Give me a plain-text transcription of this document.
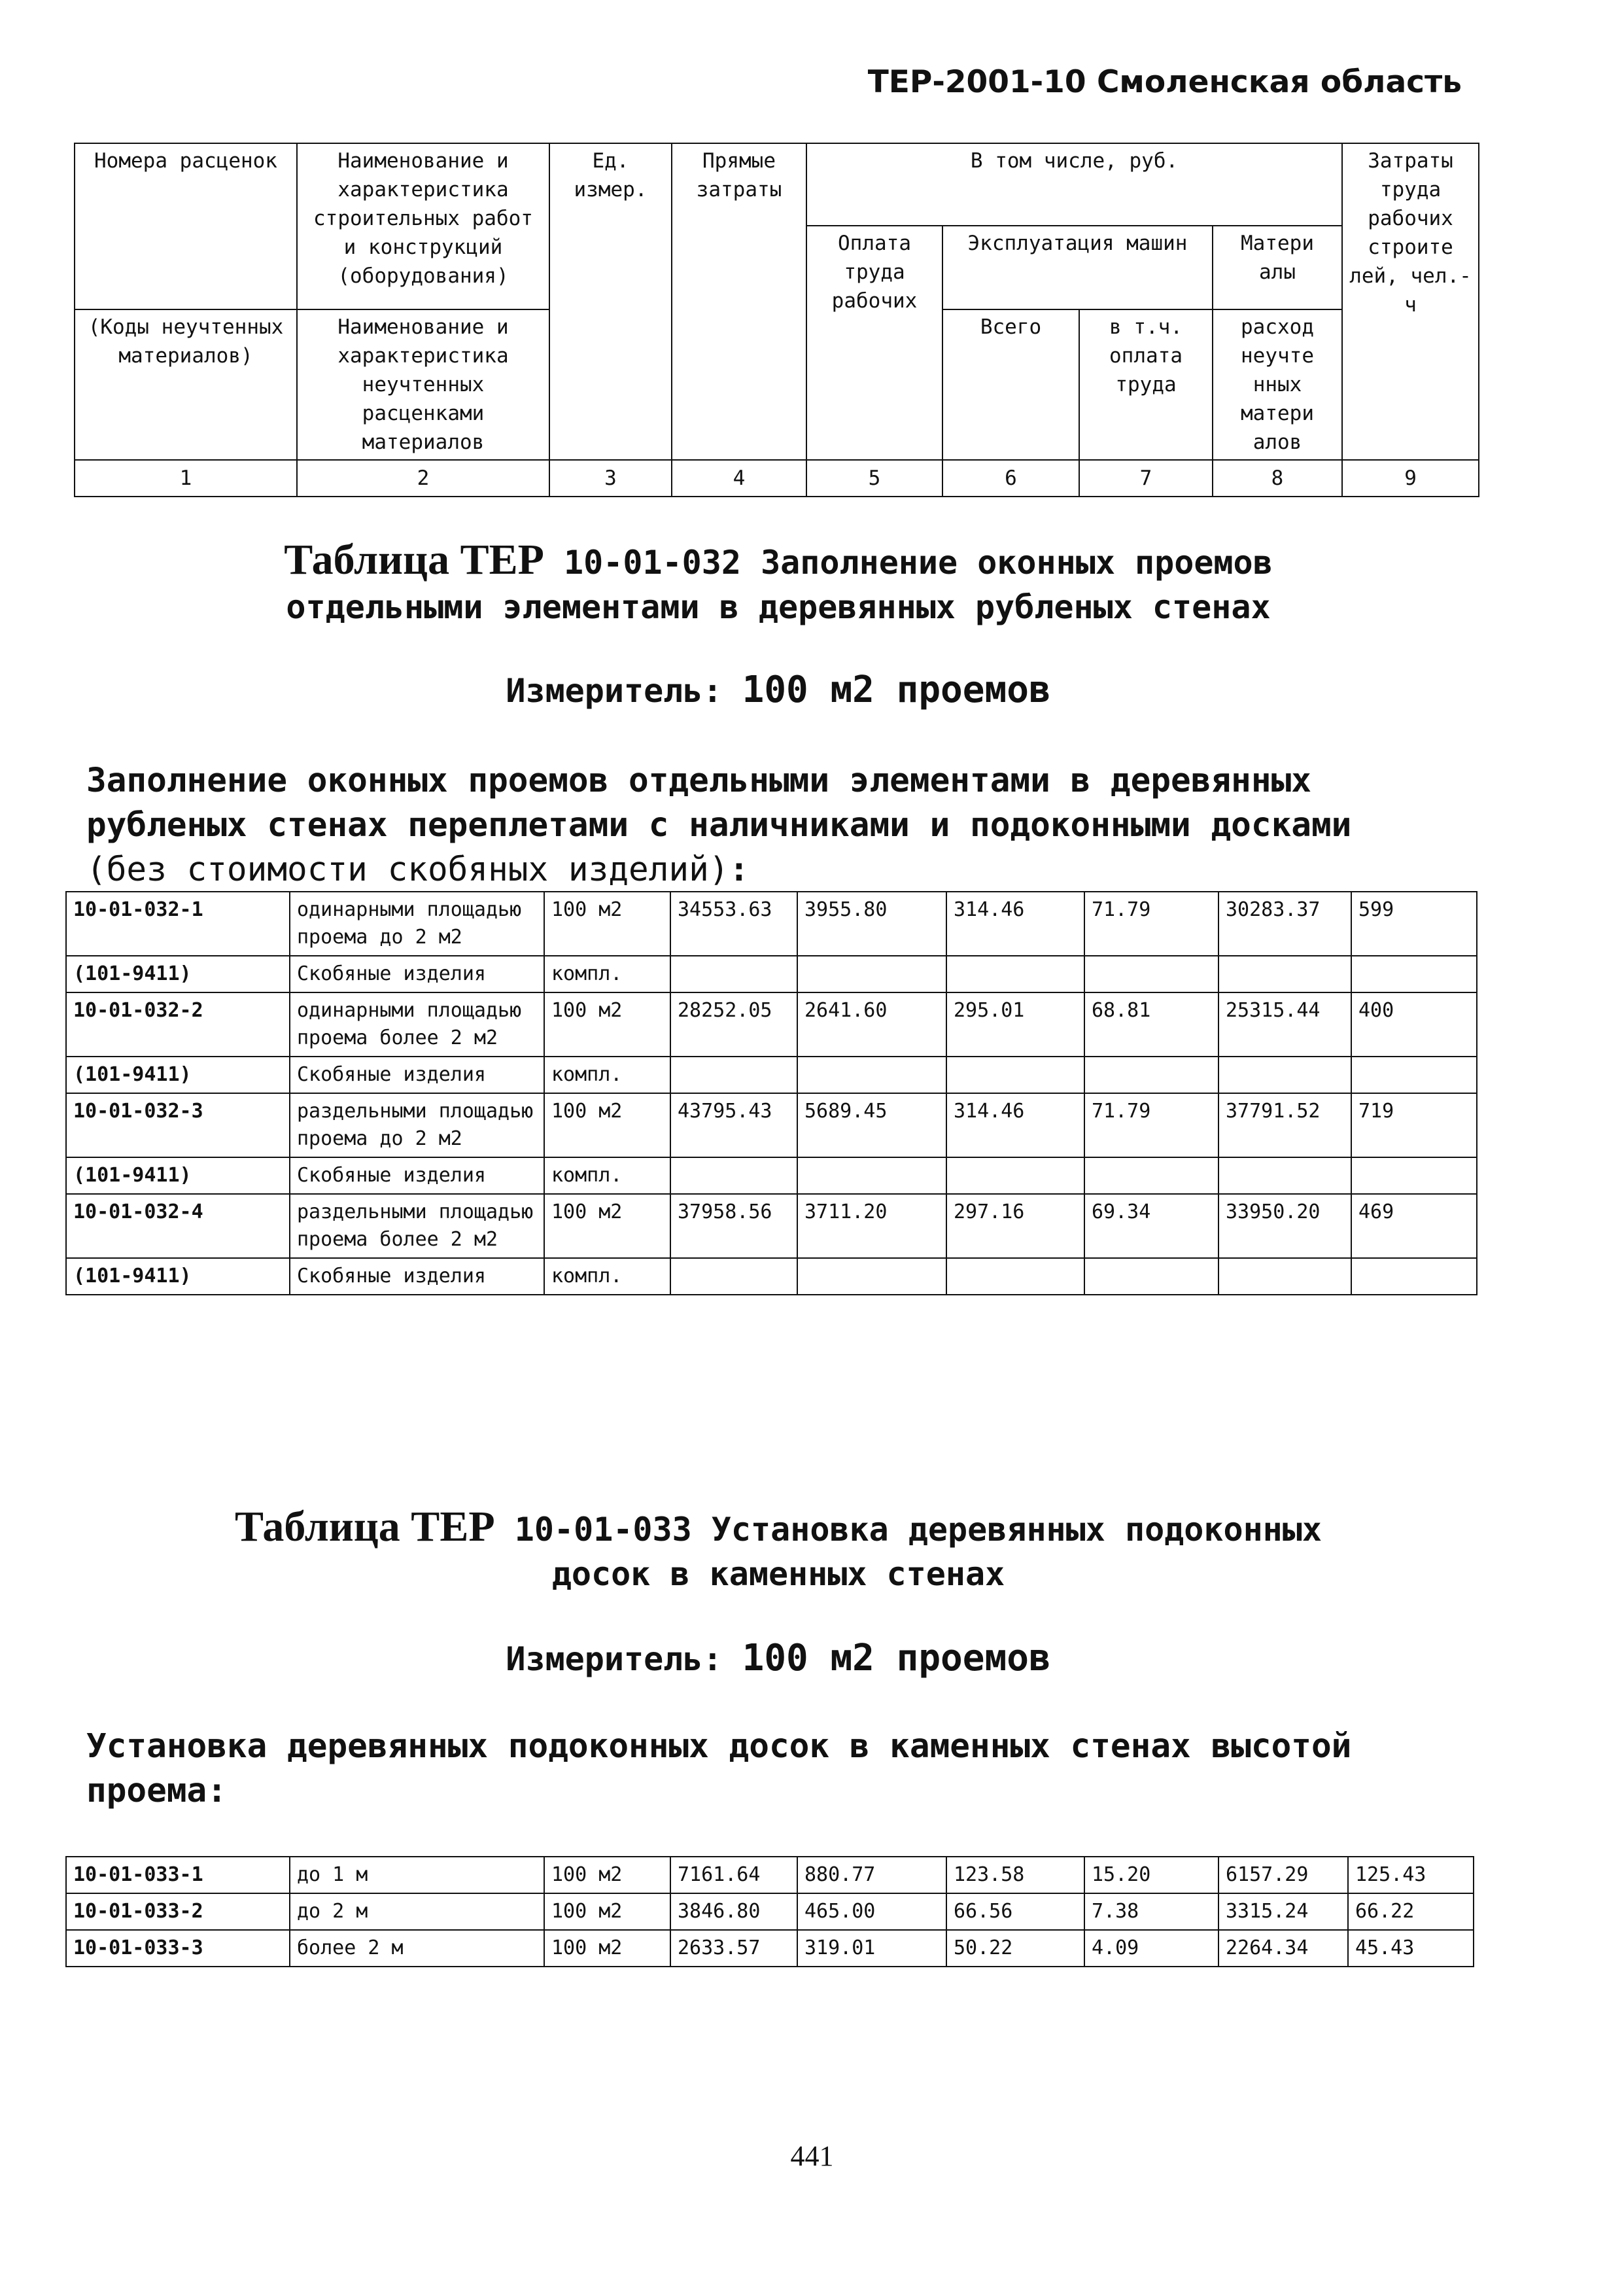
ТЕР-2001-10 Смоленская область
Номера расценок	Наименование и характеристика строительных работ и конструкций (оборудования)	Ед. измер.	Прямые затраты	В том числе, руб.				Затраты труда рабочих строите лей, чел.-ч
				Оплата труда рабочих	Эксплуатация машин		Матери алы	
(Коды неучтенных материалов)	Наименование и характеристика неучтенных расценками материалов				Всего	в т.ч. оплата труда	расход неучте нных матери алов	
1	2	3	4	5	6	7	8	9
Таблица ТЕР 10-01-032 Заполнение оконных проемов
отдельными элементами в деревянных рубленых стенах
Измеритель: 100 м2 проемов
Заполнение оконных проемов отдельными элементами в деревянных рубленых стенах переплетами с наличниками и подоконными досками (без стоимости скобяных изделий):
10-01-032-1	одинарными площадью проема до 2 м2	100 м2	34553.63	3955.80	314.46	71.79	30283.37	599
(101-9411)	Скобяные изделия	компл.						
10-01-032-2	одинарными площадью проема более 2 м2	100 м2	28252.05	2641.60	295.01	68.81	25315.44	400
(101-9411)	Скобяные изделия	компл.						
10-01-032-3	раздельными площадью проема до 2 м2	100 м2	43795.43	5689.45	314.46	71.79	37791.52	719
(101-9411)	Скобяные изделия	компл.						
10-01-032-4	раздельными площадью проема более 2 м2	100 м2	37958.56	3711.20	297.16	69.34	33950.20	469
(101-9411)	Скобяные изделия	компл.						
Таблица ТЕР 10-01-033 Установка деревянных подоконных
досок в каменных стенах
Измеритель: 100 м2 проемов
Установка деревянных подоконных досок в каменных стенах высотой проема:
10-01-033-1	до 1 м	100 м2	7161.64	880.77	123.58	15.20	6157.29	125.43
10-01-033-2	до 2 м	100 м2	3846.80	465.00	66.56	7.38	3315.24	66.22
10-01-033-3	более 2 м	100 м2	2633.57	319.01	50.22	4.09	2264.34	45.43
441
